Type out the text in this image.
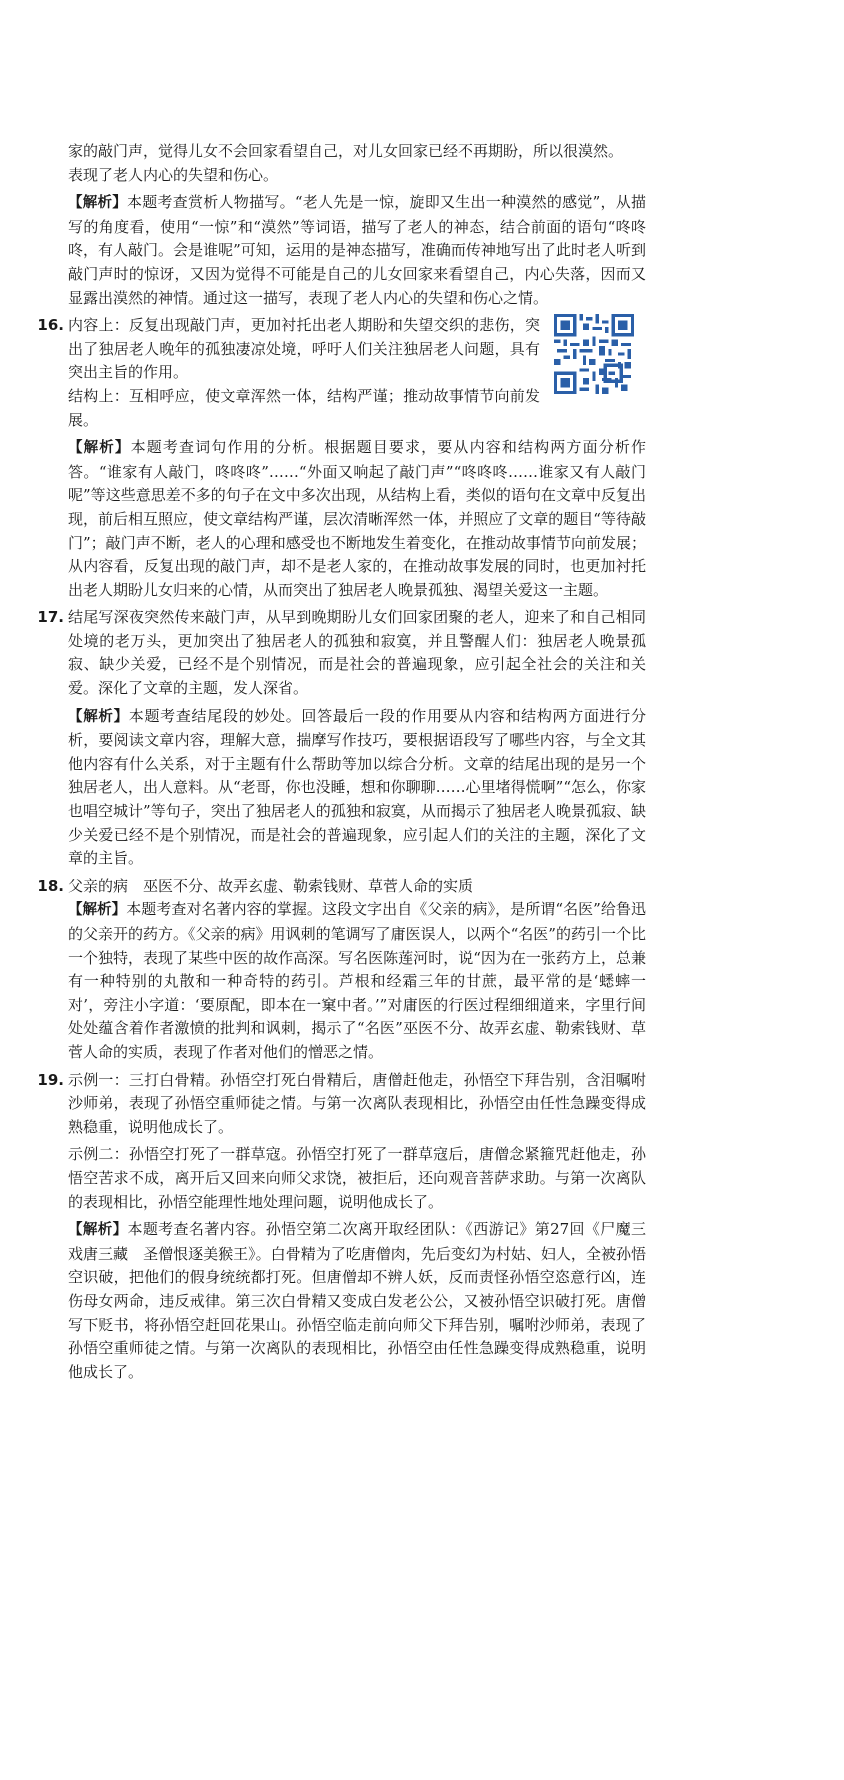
家的敲门声，觉得儿女不会回家看望自己，对儿女回家已经不再期盼，所以很漠然。

表现了老人内心的失望和伤心。

【解析】本题考查赏析人物描写。“老人先是一惊，旋即又生出一种漠然的感觉”，从描写的角度看，使用“一惊”和“漠然”等词语，描写了老人的神态，结合前面的语句“咚咚咚，有人敲门。会是谁呢”可知，运用的是神态描写，准确而传神地写出了此时老人听到敲门声时的惊讶，又因为觉得不可能是自己的儿女回家来看望自己，内心失落，因而又显露出漠然的神情。通过这一描写，表现了老人内心的失望和伤心之情。

16. 内容上：反复出现敲门声，更加衬托出老人期盼和失望交织的悲伤，突出了独居老人晚年的孤独凄凉处境，呼吁人们关注独居老人问题，具有突出主旨的作用。

结构上：互相呼应，使文章浑然一体，结构严谨；推动故事情节向前发展。

【解析】本题考查词句作用的分析。根据题目要求，要从内容和结构两方面分析作答。“谁家有人敲门，咚咚咚”……“外面又响起了敲门声”“咚咚咚……谁家又有人敲门呢”等这些意思差不多的句子在文中多次出现，从结构上看，类似的语句在文章中反复出现，前后相互照应，使文章结构严谨，层次清晰浑然一体，并照应了文章的题目“等待敲门”；敲门声不断，老人的心理和感受也不断地发生着变化，在推动故事情节向前发展；从内容看，反复出现的敲门声，却不是老人家的，在推动故事发展的同时，也更加衬托出老人期盼儿女归来的心情，从而突出了独居老人晚景孤独、渴望关爱这一主题。

17. 结尾写深夜突然传来敲门声，从早到晚期盼儿女们回家团聚的老人，迎来了和自己相同处境的老万头，更加突出了独居老人的孤独和寂寞，并且警醒人们：独居老人晚景孤寂、缺少关爱，已经不是个别情况，而是社会的普遍现象，应引起全社会的关注和关爱。深化了文章的主题，发人深省。

【解析】本题考查结尾段的妙处。回答最后一段的作用要从内容和结构两方面进行分析，要阅读文章内容，理解大意，揣摩写作技巧，要根据语段写了哪些内容，与全文其他内容有什么关系，对于主题有什么帮助等加以综合分析。文章的结尾出现的是另一个独居老人，出人意料。从“老哥，你也没睡，想和你聊聊……心里堵得慌啊”“怎么，你家也唱空城计”等句子，突出了独居老人的孤独和寂寞，从而揭示了独居老人晚景孤寂、缺少关爱已经不是个别情况，而是社会的普遍现象，应引起人们的关注的主题，深化了文章的主旨。

18. 父亲的病　巫医不分、故弄玄虚、勒索钱财、草菅人命的实质

【解析】本题考查对名著内容的掌握。这段文字出自《父亲的病》，是所谓“名医”给鲁迅的父亲开的药方。《父亲的病》用讽刺的笔调写了庸医误人，以两个“名医”的药引一个比一个独特，表现了某些中医的故作高深。写名医陈莲河时，说“因为在一张药方上，总兼有一种特别的丸散和一种奇特的药引。芦根和经霜三年的甘蔗，最平常的是‘蟋蟀一对’，旁注小字道：‘要原配，即本在一窠中者。’”对庸医的行医过程细细道来，字里行间处处蕴含着作者激愤的批判和讽刺，揭示了“名医”巫医不分、故弄玄虚、勒索钱财、草菅人命的实质，表现了作者对他们的憎恶之情。

19. 示例一：三打白骨精。孙悟空打死白骨精后，唐僧赶他走，孙悟空下拜告别，含泪嘱咐沙师弟，表现了孙悟空重师徒之情。与第一次离队表现相比，孙悟空由任性急躁变得成熟稳重，说明他成长了。

示例二：孙悟空打死了一群草寇。孙悟空打死了一群草寇后，唐僧念紧箍咒赶他走，孙悟空苦求不成，离开后又回来向师父求饶，被拒后，还向观音菩萨求助。与第一次离队的表现相比，孙悟空能理性地处理问题，说明他成长了。

【解析】本题考查名著内容。孙悟空第二次离开取经团队：《西游记》第27回《尸魔三戏唐三藏　圣僧恨逐美猴王》。白骨精为了吃唐僧肉，先后变幻为村姑、妇人，全被孙悟空识破，把他们的假身统统都打死。但唐僧却不辨人妖，反而责怪孙悟空恣意行凶，连伤母女两命，违反戒律。第三次白骨精又变成白发老公公，又被孙悟空识破打死。唐僧写下贬书，将孙悟空赶回花果山。孙悟空临走前向师父下拜告别，嘱咐沙师弟，表现了孙悟空重师徒之情。与第一次离队的表现相比，孙悟空由任性急躁变得成熟稳重，说明他成长了。
